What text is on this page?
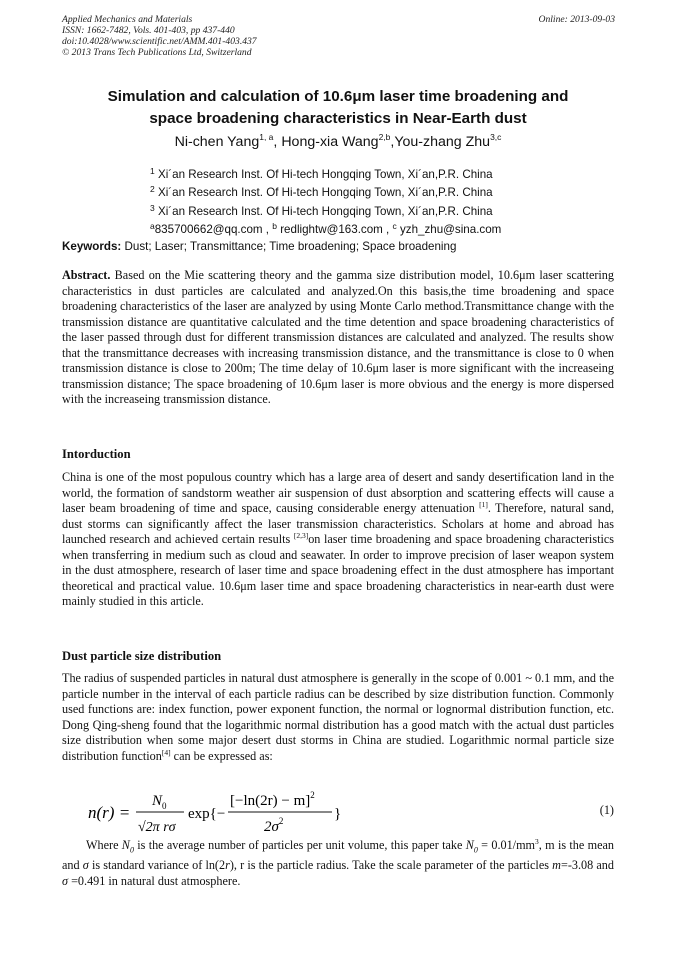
Applied Mechanics and Materials
ISSN: 1662-7482, Vols. 401-403, pp 437-440
doi:10.4028/www.scientific.net/AMM.401-403.437
© 2013 Trans Tech Publications Ltd, Switzerland
Online: 2013-09-03
Simulation and calculation of 10.6μm laser time broadening and
space broadening characteristics in Near-Earth dust
Ni-chen Yang$^{1, a}$, Hong-xia Wang$^{2,b}$,You-zhang Zhu$^{3,c}$
$^1$ Xi´an Research Inst. Of Hi-tech Hongqing Town, Xi´an,P.R. China
$^2$ Xi´an Research Inst. Of Hi-tech Hongqing Town, Xi´an,P.R. China
$^3$ Xi´an Research Inst. Of Hi-tech Hongqing Town, Xi´an,P.R. China
$^a$835700662@qq.com , $^b$ redlightw@163.com , $^c$ yzh_zhu@sina.com
Keywords: Dust; Laser; Transmittance; Time broadening; Space broadening
Abstract. Based on the Mie scattering theory and the gamma size distribution model, 10.6μm laser scattering characteristics in dust particles are calculated and analyzed.On this basis,the time broadening and space broadening characteristics of the laser are analyzed by using Monte Carlo method.Transmittance change with the transmission distance are quantitative calculated and the time detention and space broadening characteristics of the laser passed through dust for different transmission distances are calculated and analyzed. The results show that the transmittance decreases with increasing transmission distance, and the transmittance is close to 0 when transmission distance is close to 200m; The time delay of 10.6μm laser is more significant with the increaseing transmission distance; The space broadening of 10.6μm laser is more obvious and the energy is more dispersed with the increaseing transmission distance.
Intorduction
China is one of the most populous country which has a large area of desert and sandy desertification land in the world, the formation of sandstorm weather air suspension of dust absorption and scattering effects will cause a laser beam broadening of time and space, causing considerable energy attenuation [1]. Therefore, natural sand, dust storms can significantly affect the laser transmission characteristics. Scholars at home and abroad has launched research and achieved certain results [2,3]on laser time broadening and space broadening characteristics when transferring in medium such as cloud and seawater. In order to improve precision of laser weapon system in the dust atmosphere, research of laser time and space broadening effect in the dust atmosphere has important theoretical and practical value. 10.6μm laser time and space broadening characteristics in near-earth dust were mainly studied in this article.
Dust particle size distribution
The radius of suspended particles in natural dust atmosphere is generally in the scope of 0.001 ~ 0.1 mm, and the particle number in the interval of each particle radius can be described by size distribution function. Commonly used functions are: index function, power exponent function, the normal or lognormal distribution function, etc. Dong Qing-sheng found that the logarithmic normal distribution has a good match with the actual dust particles size distribution when some major desert dust storms in China are studied. Logarithmic normal particle size distribution function[4] can be expressed as:
n(r) =
$N_0$
√2π rσ
exp{−
$[-\ln(2r) - m]^2$
$2\sigma^2$	}	(1)
Where $N_0$ is the average number of particles per unit volume, this paper take $N_0 = 0.01/mm^3$, m is the mean and σ is standard variance of ln(2r), r is the particle radius. Take the scale parameter of the particles m=-3.08 and σ =0.491 in natural dust atmosphere.
